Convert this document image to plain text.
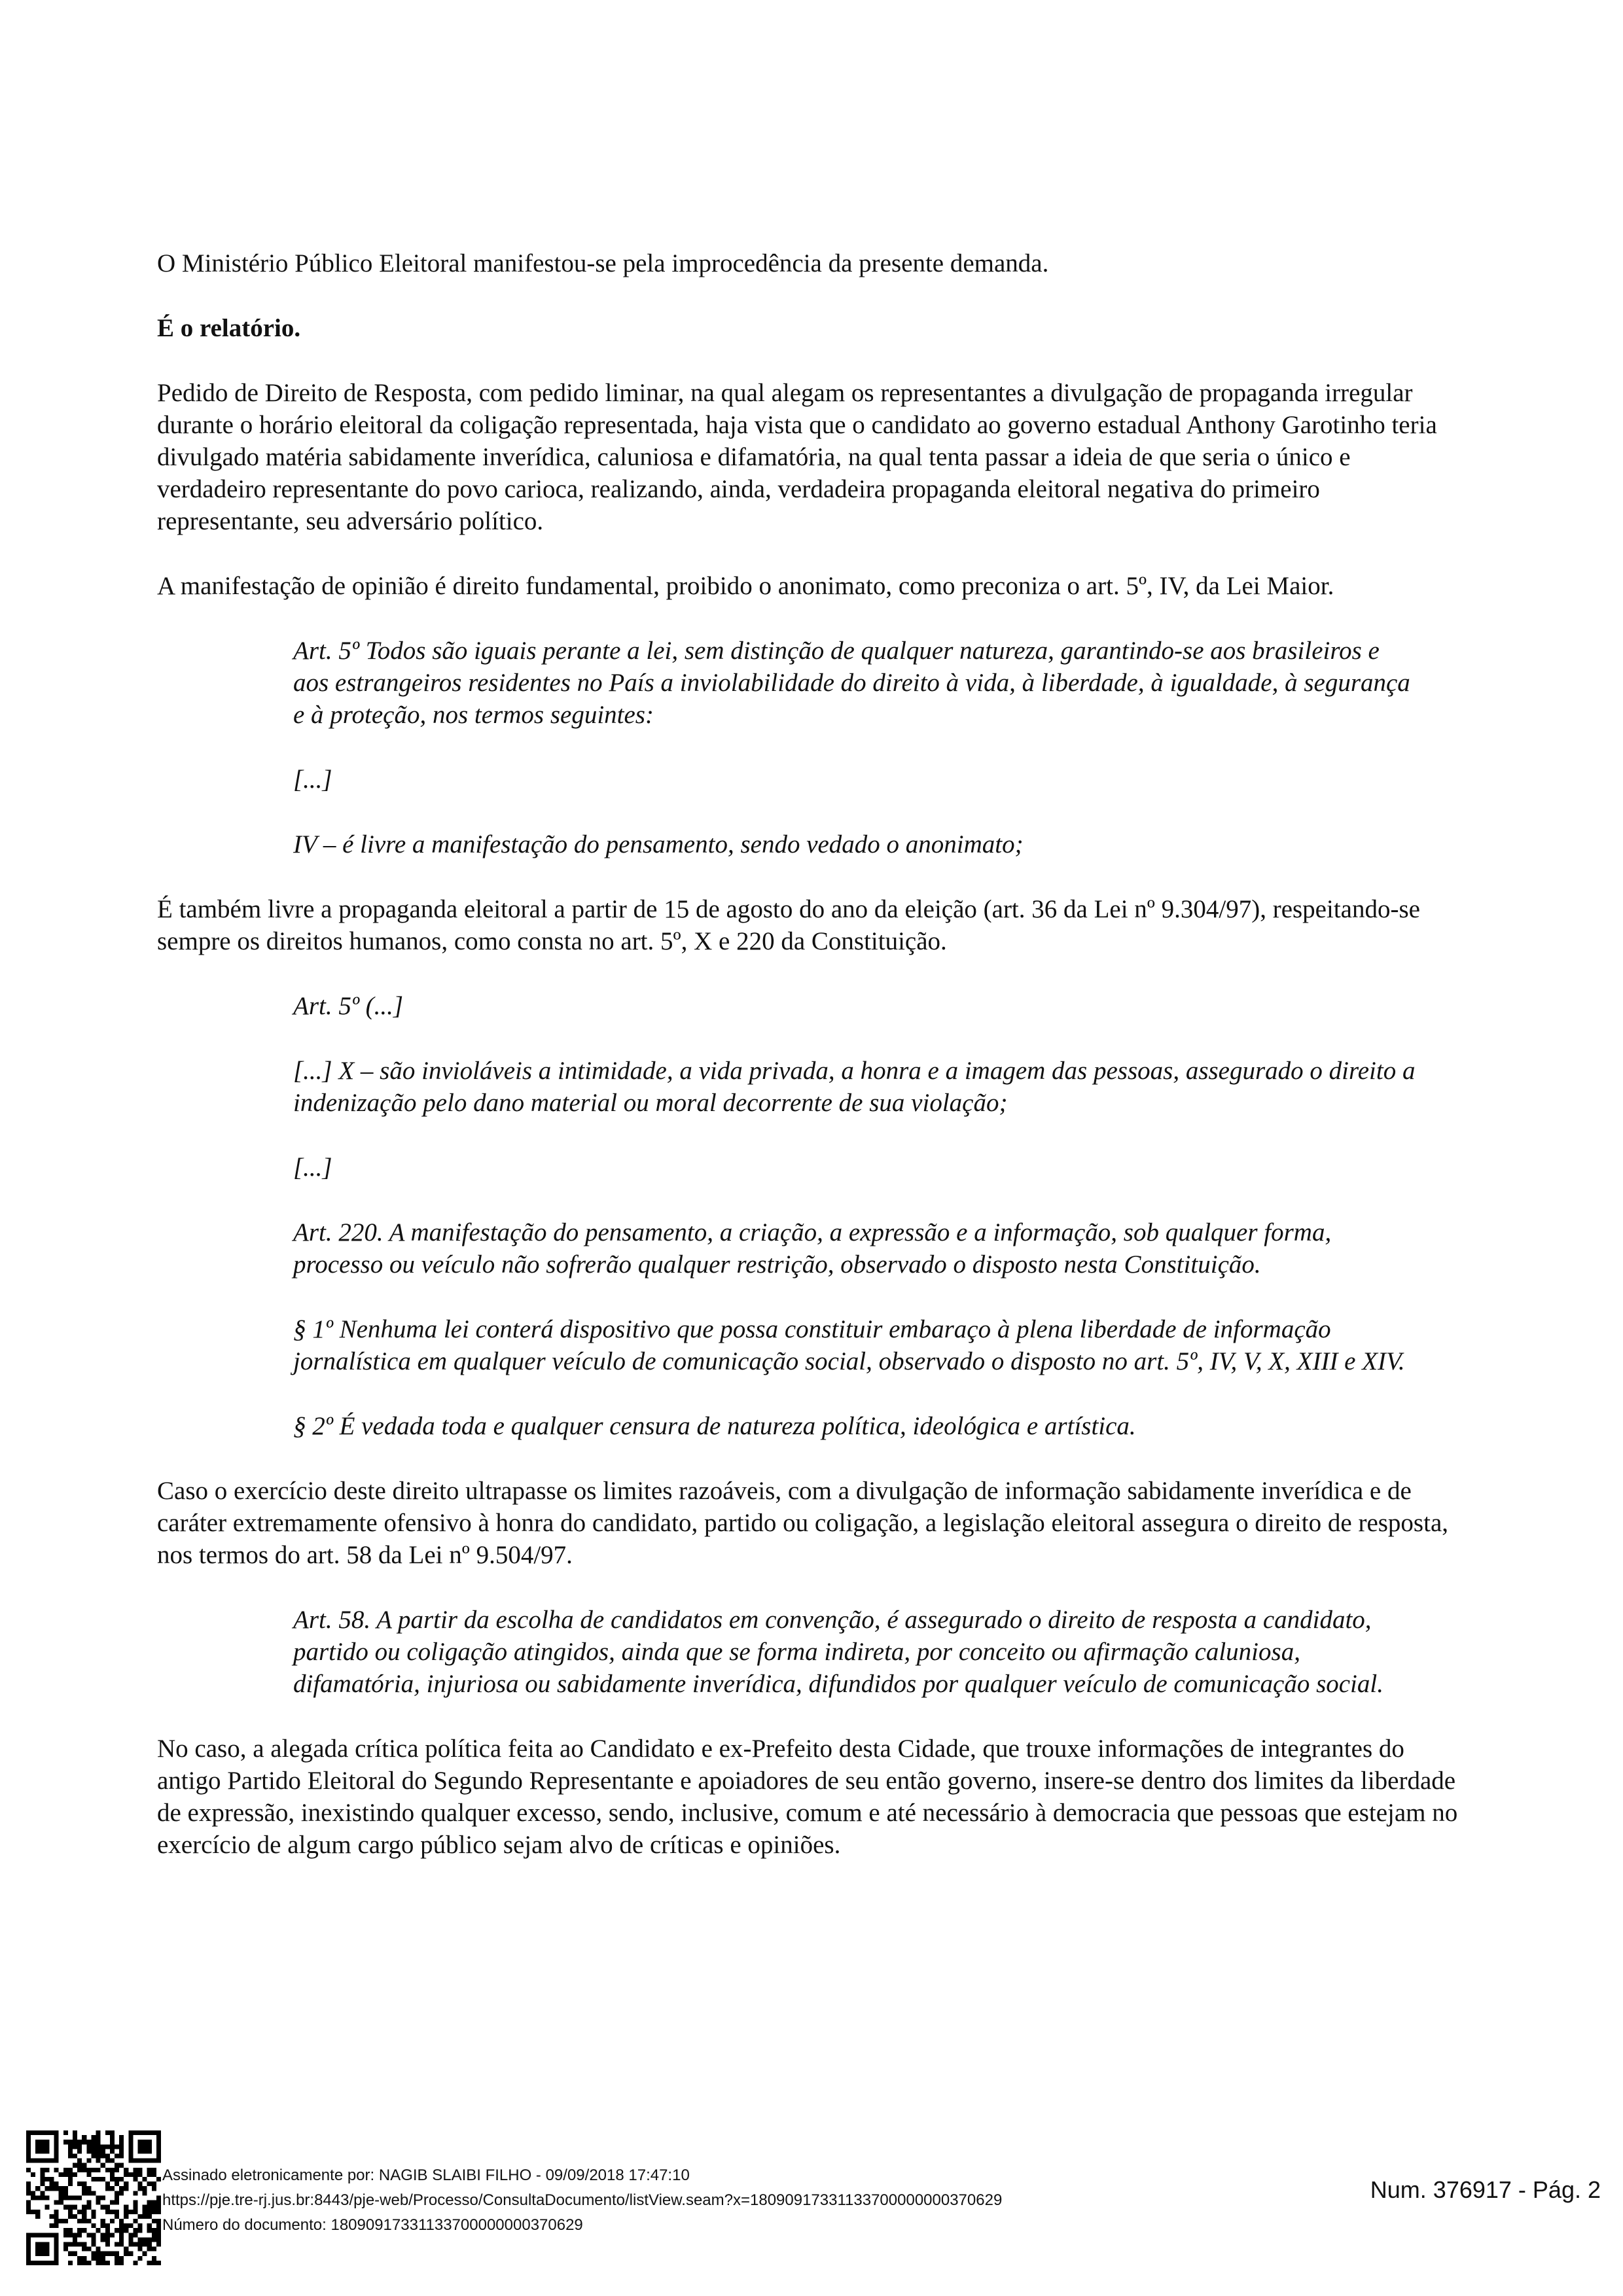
O Ministério Público Eleitoral manifestou-se pela improcedência da presente demanda.

É o relatório.

Pedido de Direito de Resposta, com pedido liminar, na qual alegam os representantes a divulgação de propaganda irregular durante o horário eleitoral da coligação representada, haja vista que o candidato ao governo estadual Anthony Garotinho teria divulgado matéria sabidamente inverídica, caluniosa e difamatória, na qual tenta passar a ideia de que seria o único e verdadeiro representante do povo carioca, realizando, ainda, verdadeira propaganda eleitoral negativa do primeiro representante, seu adversário político.

A manifestação de opinião é direito fundamental, proibido o anonimato, como preconiza o art. 5º, IV, da Lei Maior.

Art. 5º Todos são iguais perante a lei, sem distinção de qualquer natureza, garantindo-se aos brasileiros e aos estrangeiros residentes no País a inviolabilidade do direito à vida, à liberdade, à igualdade, à segurança e à proteção, nos termos seguintes:

[...]

IV – é livre a manifestação do pensamento, sendo vedado o anonimato;

É também livre a propaganda eleitoral a partir de 15 de agosto do ano da eleição (art. 36 da Lei nº 9.304/97), respeitando-se sempre os direitos humanos, como consta no art. 5º, X e 220 da Constituição.

Art. 5º (...]

[...] X – são invioláveis a intimidade, a vida privada, a honra e a imagem das pessoas, assegurado o direito a indenização pelo dano material ou moral decorrente de sua violação;

[...]

Art. 220. A manifestação do pensamento, a criação, a expressão e a informação, sob qualquer forma, processo ou veículo não sofrerão qualquer restrição, observado o disposto nesta Constituição.

§ 1º Nenhuma lei conterá dispositivo que possa constituir embaraço à plena liberdade de informação jornalística em qualquer veículo de comunicação social, observado o disposto no art. 5º, IV, V, X, XIII e XIV.

§ 2º É vedada toda e qualquer censura de natureza política, ideológica e artística.

Caso o exercício deste direito ultrapasse os limites razoáveis, com a divulgação de informação sabidamente inverídica e de caráter extremamente ofensivo à honra do candidato, partido ou coligação, a legislação eleitoral assegura o direito de resposta, nos termos do art. 58 da Lei nº 9.504/97.

Art. 58. A partir da escolha de candidatos em convenção, é assegurado o direito de resposta a candidato, partido ou coligação atingidos, ainda que se forma indireta, por conceito ou afirmação caluniosa, difamatória, injuriosa ou sabidamente inverídica, difundidos por qualquer veículo de comunicação social.

No caso, a alegada crítica política feita ao Candidato e ex-Prefeito desta Cidade, que trouxe informações de integrantes do antigo Partido Eleitoral do Segundo Representante e apoiadores de seu então governo, insere-se dentro dos limites da liberdade de expressão, inexistindo qualquer excesso, sendo, inclusive, comum e até necessário à democracia que pessoas que estejam no exercício de algum cargo público sejam alvo de críticas e opiniões.

Assinado eletronicamente por: NAGIB SLAIBI FILHO - 09/09/2018 17:47:10
https://pje.tre-rj.jus.br:8443/pje-web/Processo/ConsultaDocumento/listView.seam?x=18090917331133700000000370629
Número do documento: 18090917331133700000000370629
Num. 376917 - Pág. 2
